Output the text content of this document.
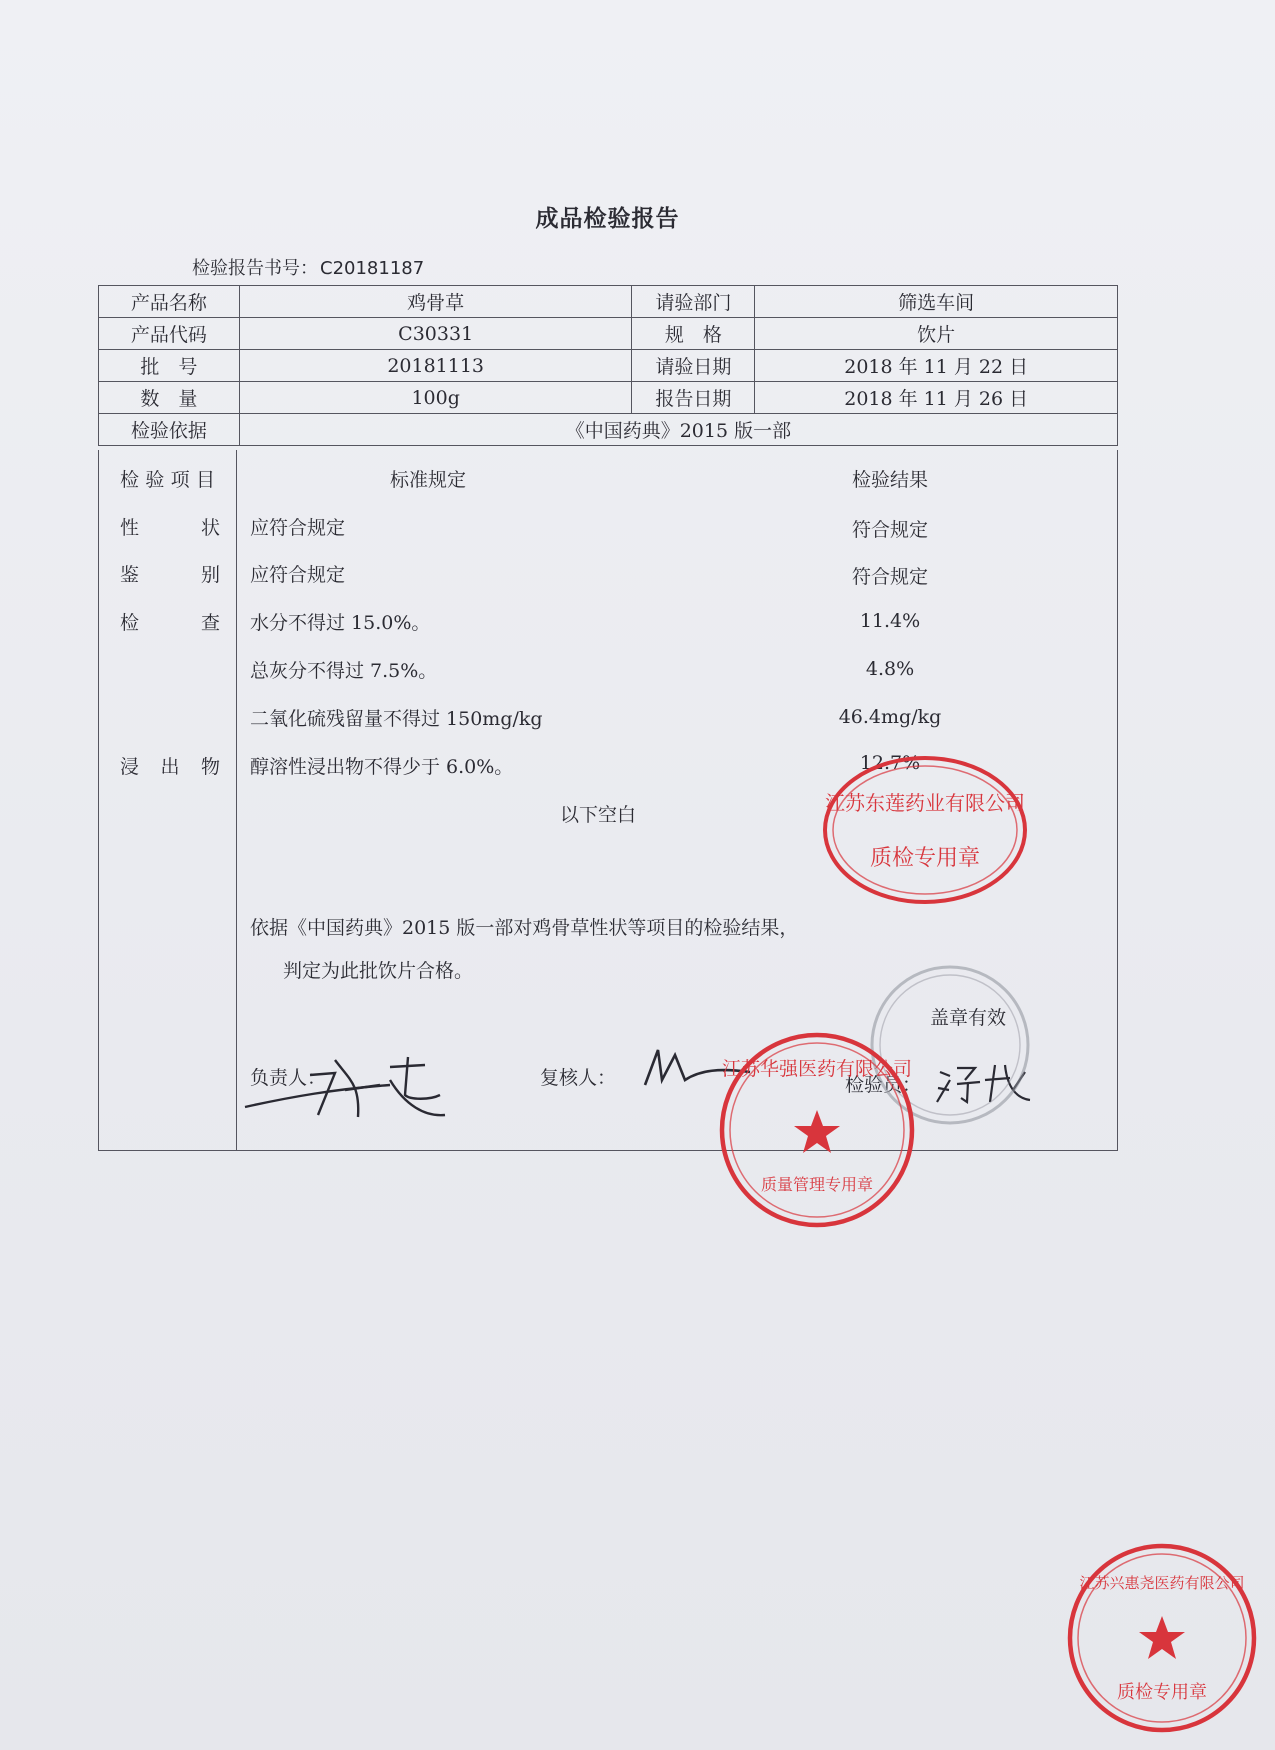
成品检验报告
检验报告书号： C20181187
产品名称	鸡骨草	请验部门	筛选车间
产品代码	C30331	规　格	饮片
批　号	20181113	请验日期	2018 年 11 月 22 日
数　量	100g	报告日期	2018 年 11 月 26 日
检验依据	《中国药典》2015 版一部		
检验项目	标准规定	检验结果
性　状 应符合规定	符合规定
鉴　别 应符合规定	符合规定
检　查 水分不得过 15.0%。	11.4%
总灰分不得过 7.5%。	4.8%
二氧化硫残留量不得过 150mg/kg	46.4mg/kg
浸 出 物 醇溶性浸出物不得少于 6.0%。	12.7%
以下空白
依据《中国药典》2015 版一部对鸡骨草性状等项目的检验结果，
判定为此批饮片合格。
盖章有效
负责人：	复核人：	检验员：
江苏东莲药业有限公司
质检专用章
江苏华强医药有限公司
质量管理专用章
江苏兴惠尧医药有限公司
质检专用章
